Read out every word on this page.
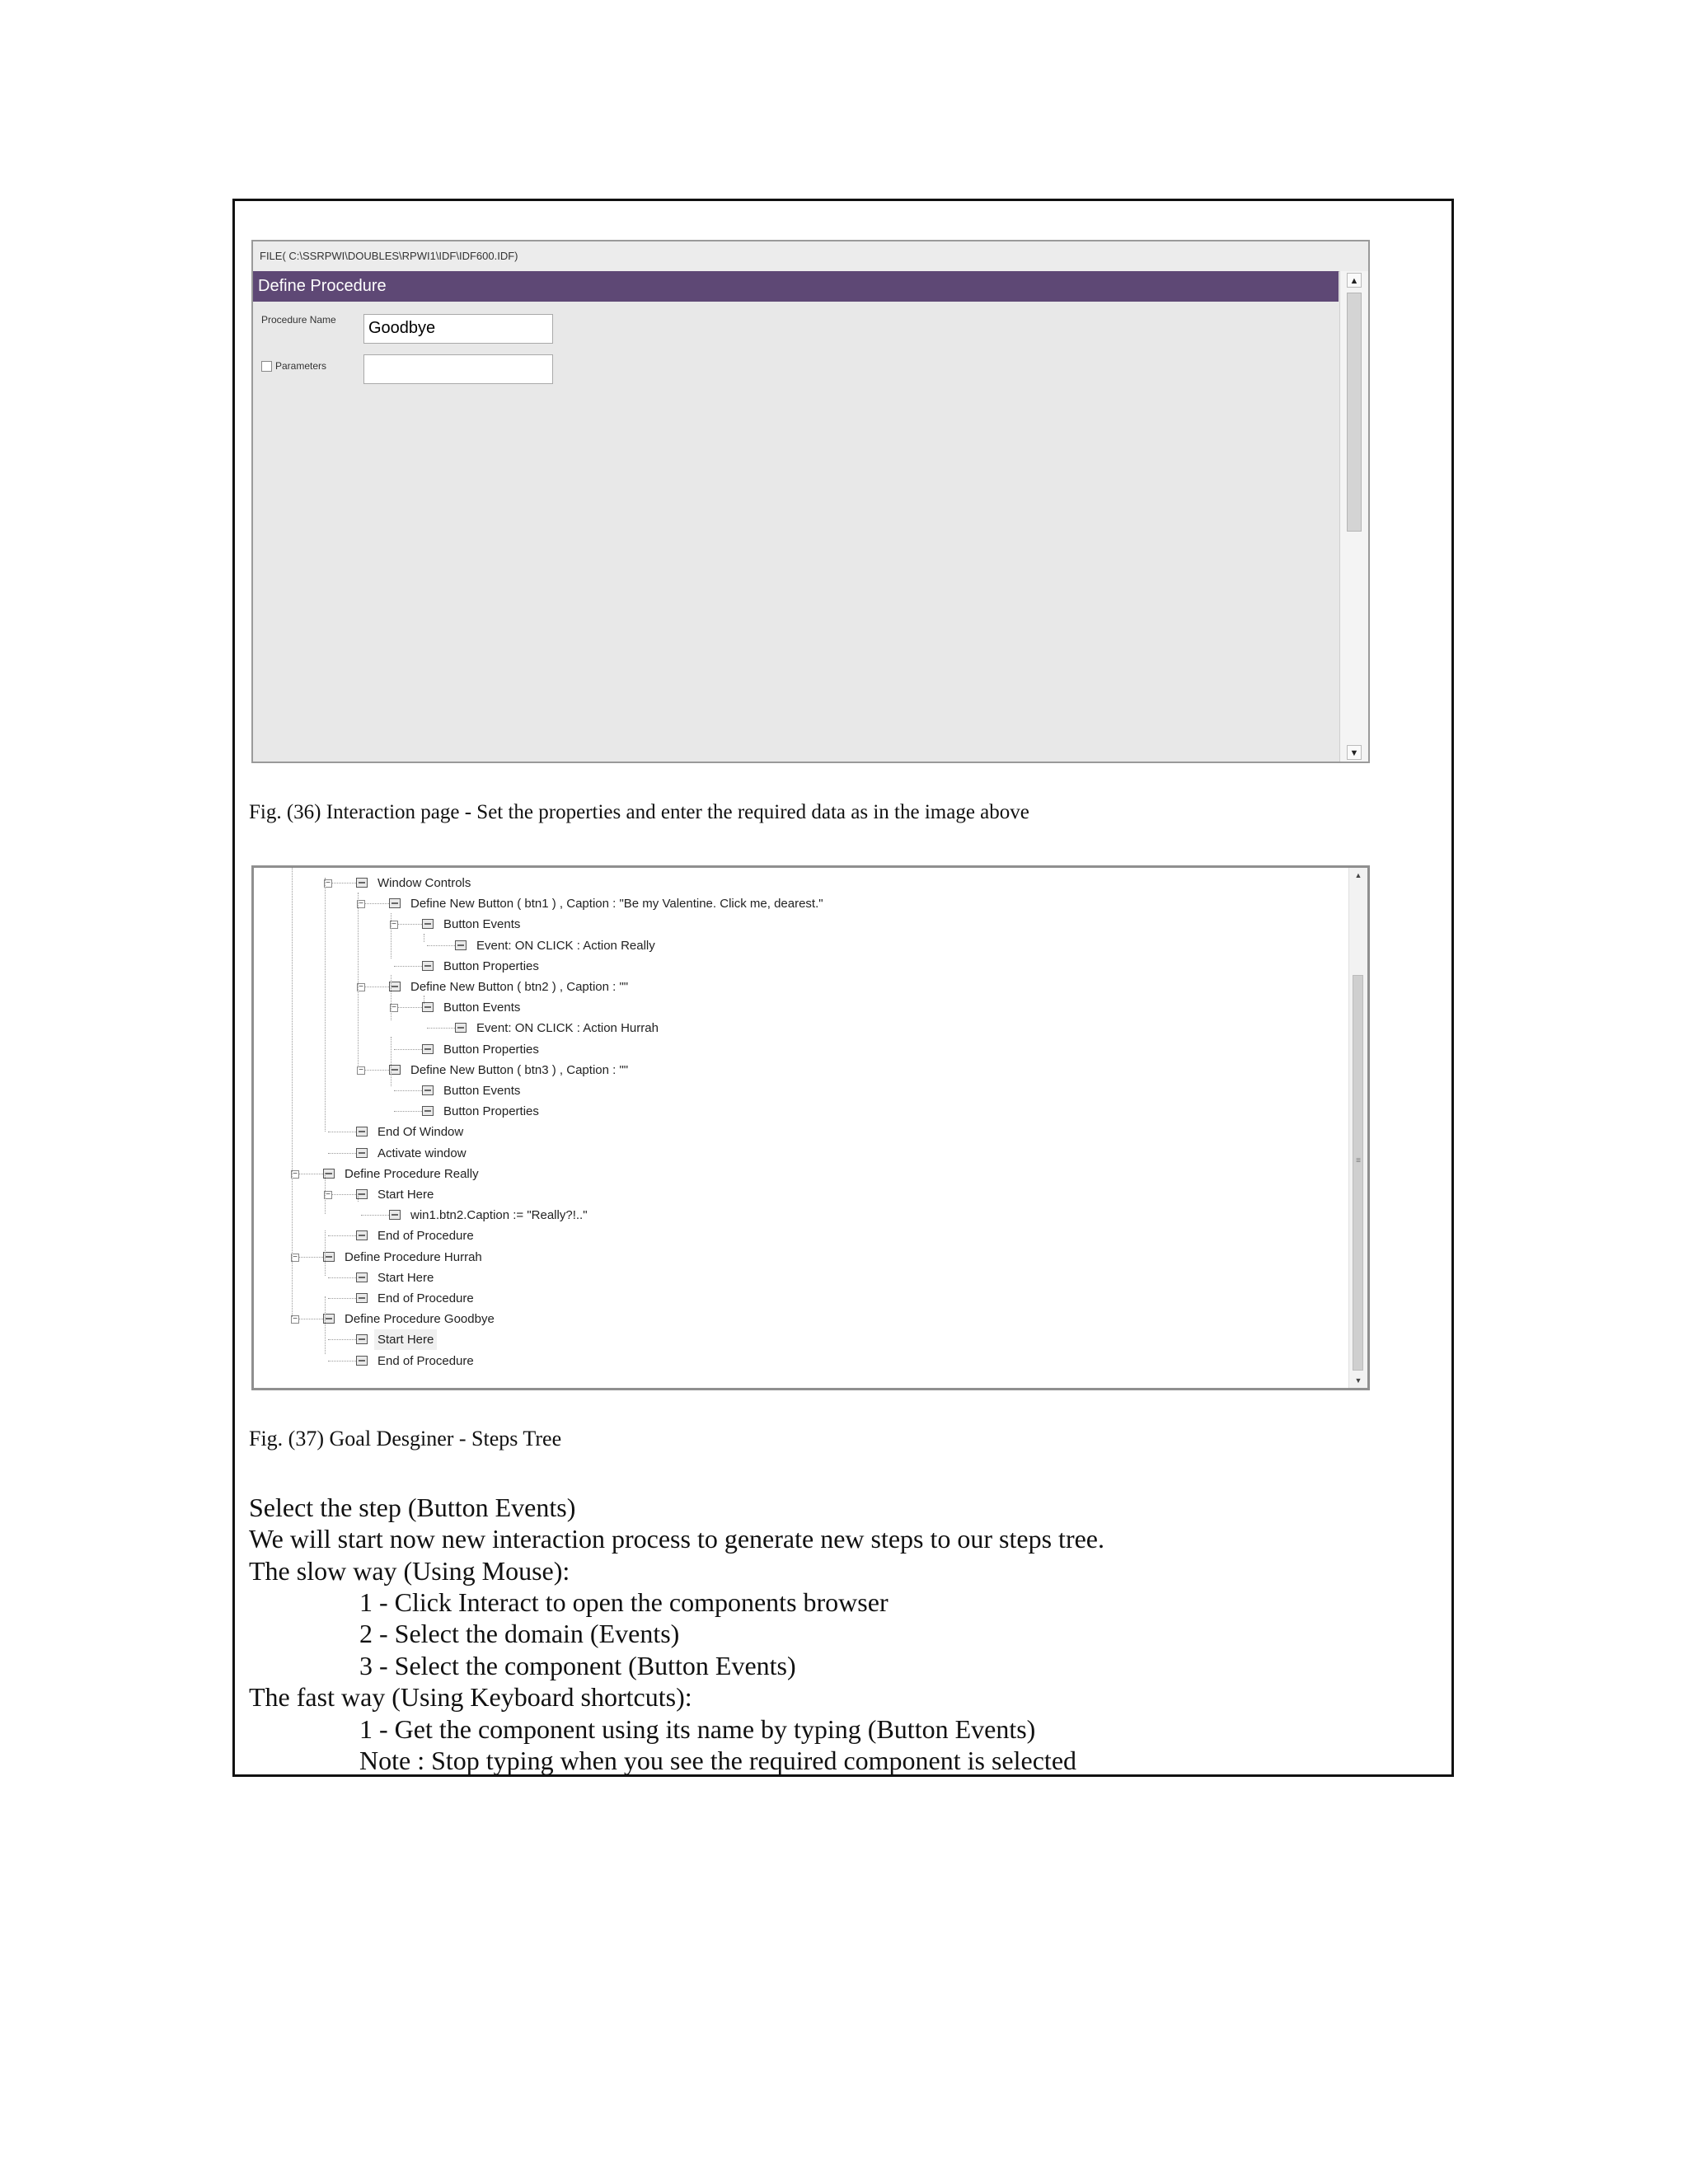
FILE( C:\SSRPWI\DOUBLES\RPWI1\IDF\IDF600.IDF)
Define Procedure
Procedure Name	Goodbye
Parameters
▲
▼
Fig. (36) Interaction page - Set the properties and enter the required data as in the image above
▲
≡
▼
Window Controls
−
Define New Button ( btn1 ) , Caption : "Be my Valentine. Click me, dearest."
−
Button Events
−
Event: ON CLICK : Action Really
Button Properties
Define New Button ( btn2 ) , Caption : ""
−
Button Events
−
Event: ON CLICK : Action Hurrah
Button Properties
Define New Button ( btn3 ) , Caption : ""
−
Button Events
Button Properties
End Of Window
Activate window
Define Procedure Really
−
Start Here
−
win1.btn2.Caption := "Really?!.."
End of Procedure
Define Procedure Hurrah
−
Start Here
End of Procedure
Define Procedure Goodbye
−
Start Here
End of Procedure
Fig. (37) Goal Desginer - Steps Tree
Select the step (Button Events)
We will start now new interaction process to generate new steps to our steps tree.
The slow way (Using Mouse):
1 - Click Interact to open the components browser
2 - Select the domain (Events)
3 - Select the component (Button Events)
The fast way (Using Keyboard shortcuts):
1 - Get the component using its name by typing (Button Events)
Note : Stop typing when you see the required component is selected
